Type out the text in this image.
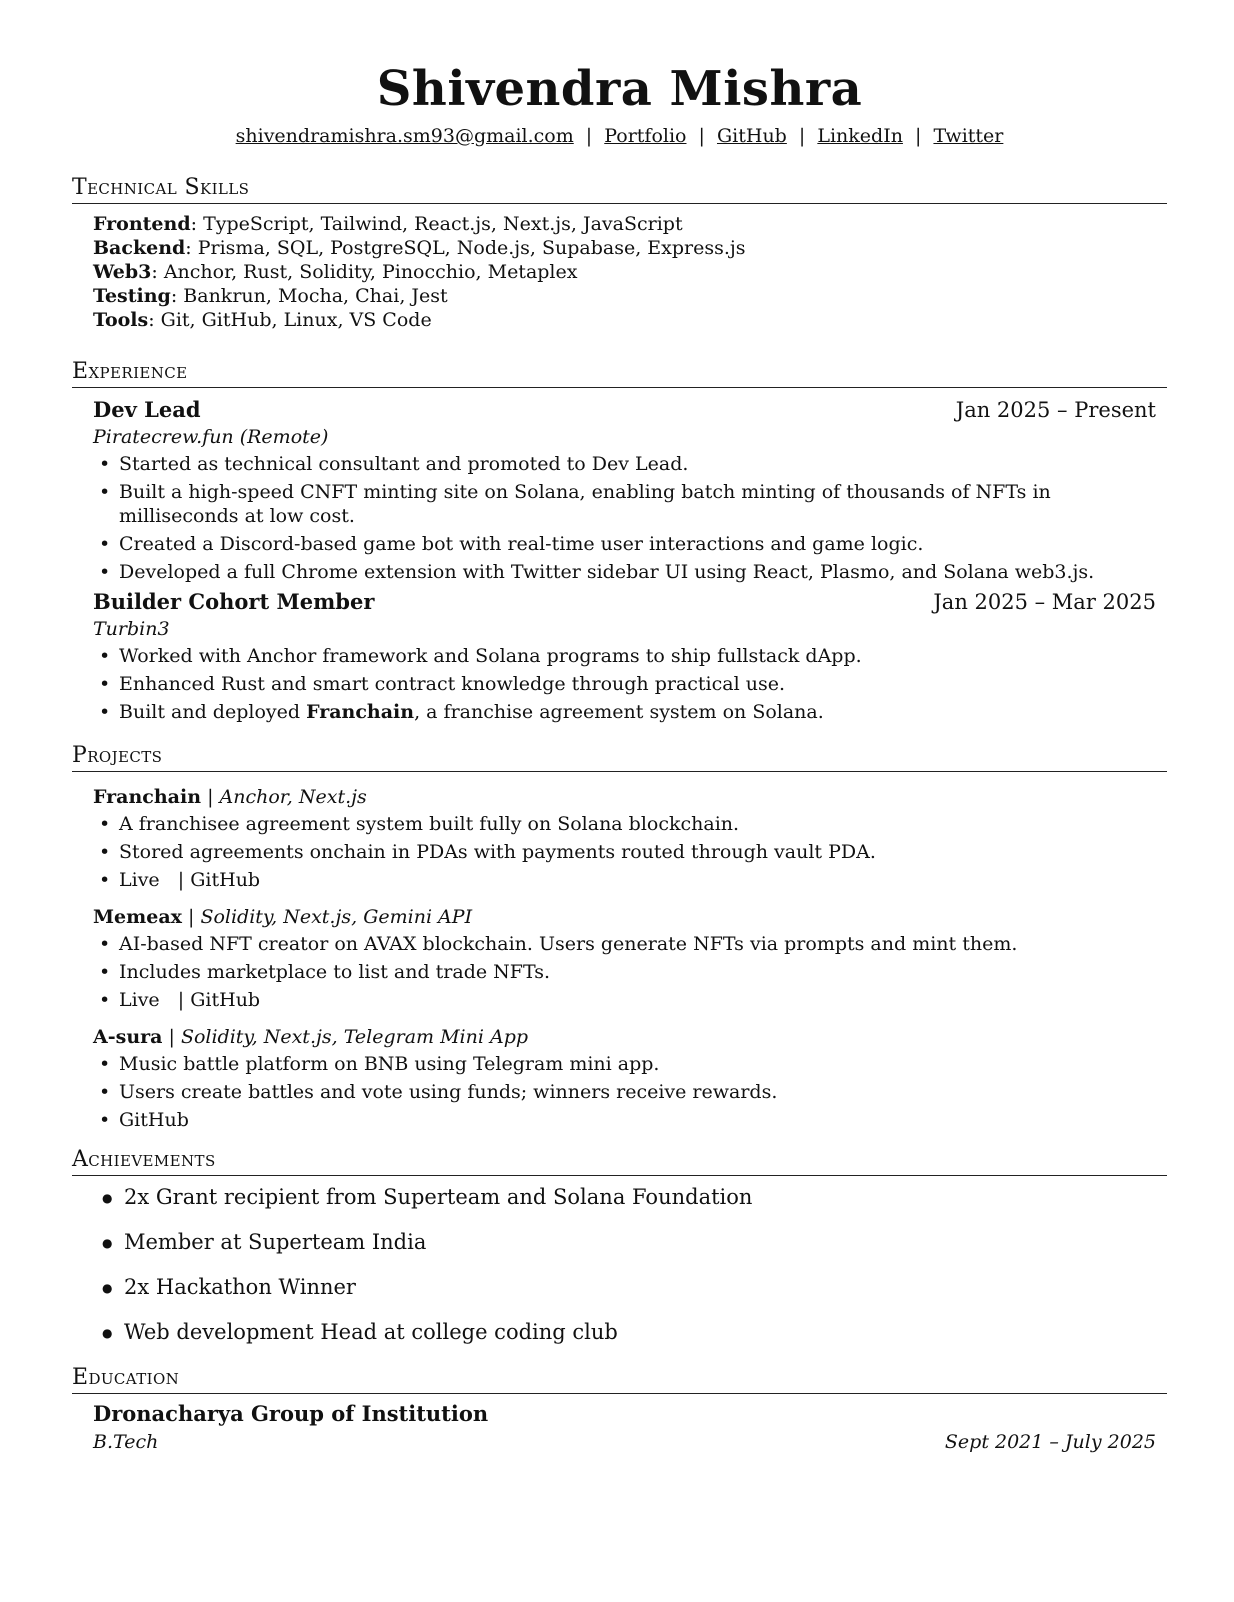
Shivendra Mishra
shivendramishra.sm93@gmail.com | Portfolio | GitHub | LinkedIn | Twitter
Technical Skills
Frontend: TypeScript, Tailwind, React.js, Next.js, JavaScript
Backend: Prisma, SQL, PostgreSQL, Node.js, Supabase, Express.js
Web3: Anchor, Rust, Solidity, Pinocchio, Metaplex
Testing: Bankrun, Mocha, Chai, Jest
Tools: Git, GitHub, Linux, VS Code
Experience
Dev Lead	Jan 2025 – Present
Piratecrew.fun (Remote)
• Started as technical consultant and promoted to Dev Lead.
• Built a high-speed CNFT minting site on Solana, enabling batch minting of thousands of NFTs in milliseconds at low cost.
• Created a Discord-based game bot with real-time user interactions and game logic.
• Developed a full Chrome extension with Twitter sidebar UI using React, Plasmo, and Solana web3.js.
Builder Cohort Member	Jan 2025 – Mar 2025
Turbin3
• Worked with Anchor framework and Solana programs to ship fullstack dApp.
• Enhanced Rust and smart contract knowledge through practical use.
• Built and deployed Franchain, a franchise agreement system on Solana.
Projects
Franchain | Anchor, Next.js
• A franchisee agreement system built fully on Solana blockchain.
• Stored agreements onchain in PDAs with payments routed through vault PDA.
• Live   | GitHub
Memeax | Solidity, Next.js, Gemini API
• AI-based NFT creator on AVAX blockchain. Users generate NFTs via prompts and mint them.
• Includes marketplace to list and trade NFTs.
• Live   | GitHub
A-sura | Solidity, Next.js, Telegram Mini App
• Music battle platform on BNB using Telegram mini app.
• Users create battles and vote using funds; winners receive rewards.
• GitHub
Achievements
● 2x Grant recipient from Superteam and Solana Foundation
● Member at Superteam India
● 2x Hackathon Winner
● Web development Head at college coding club
Education
Dronacharya Group of Institution
B.Tech	Sept 2021 – July 2025
